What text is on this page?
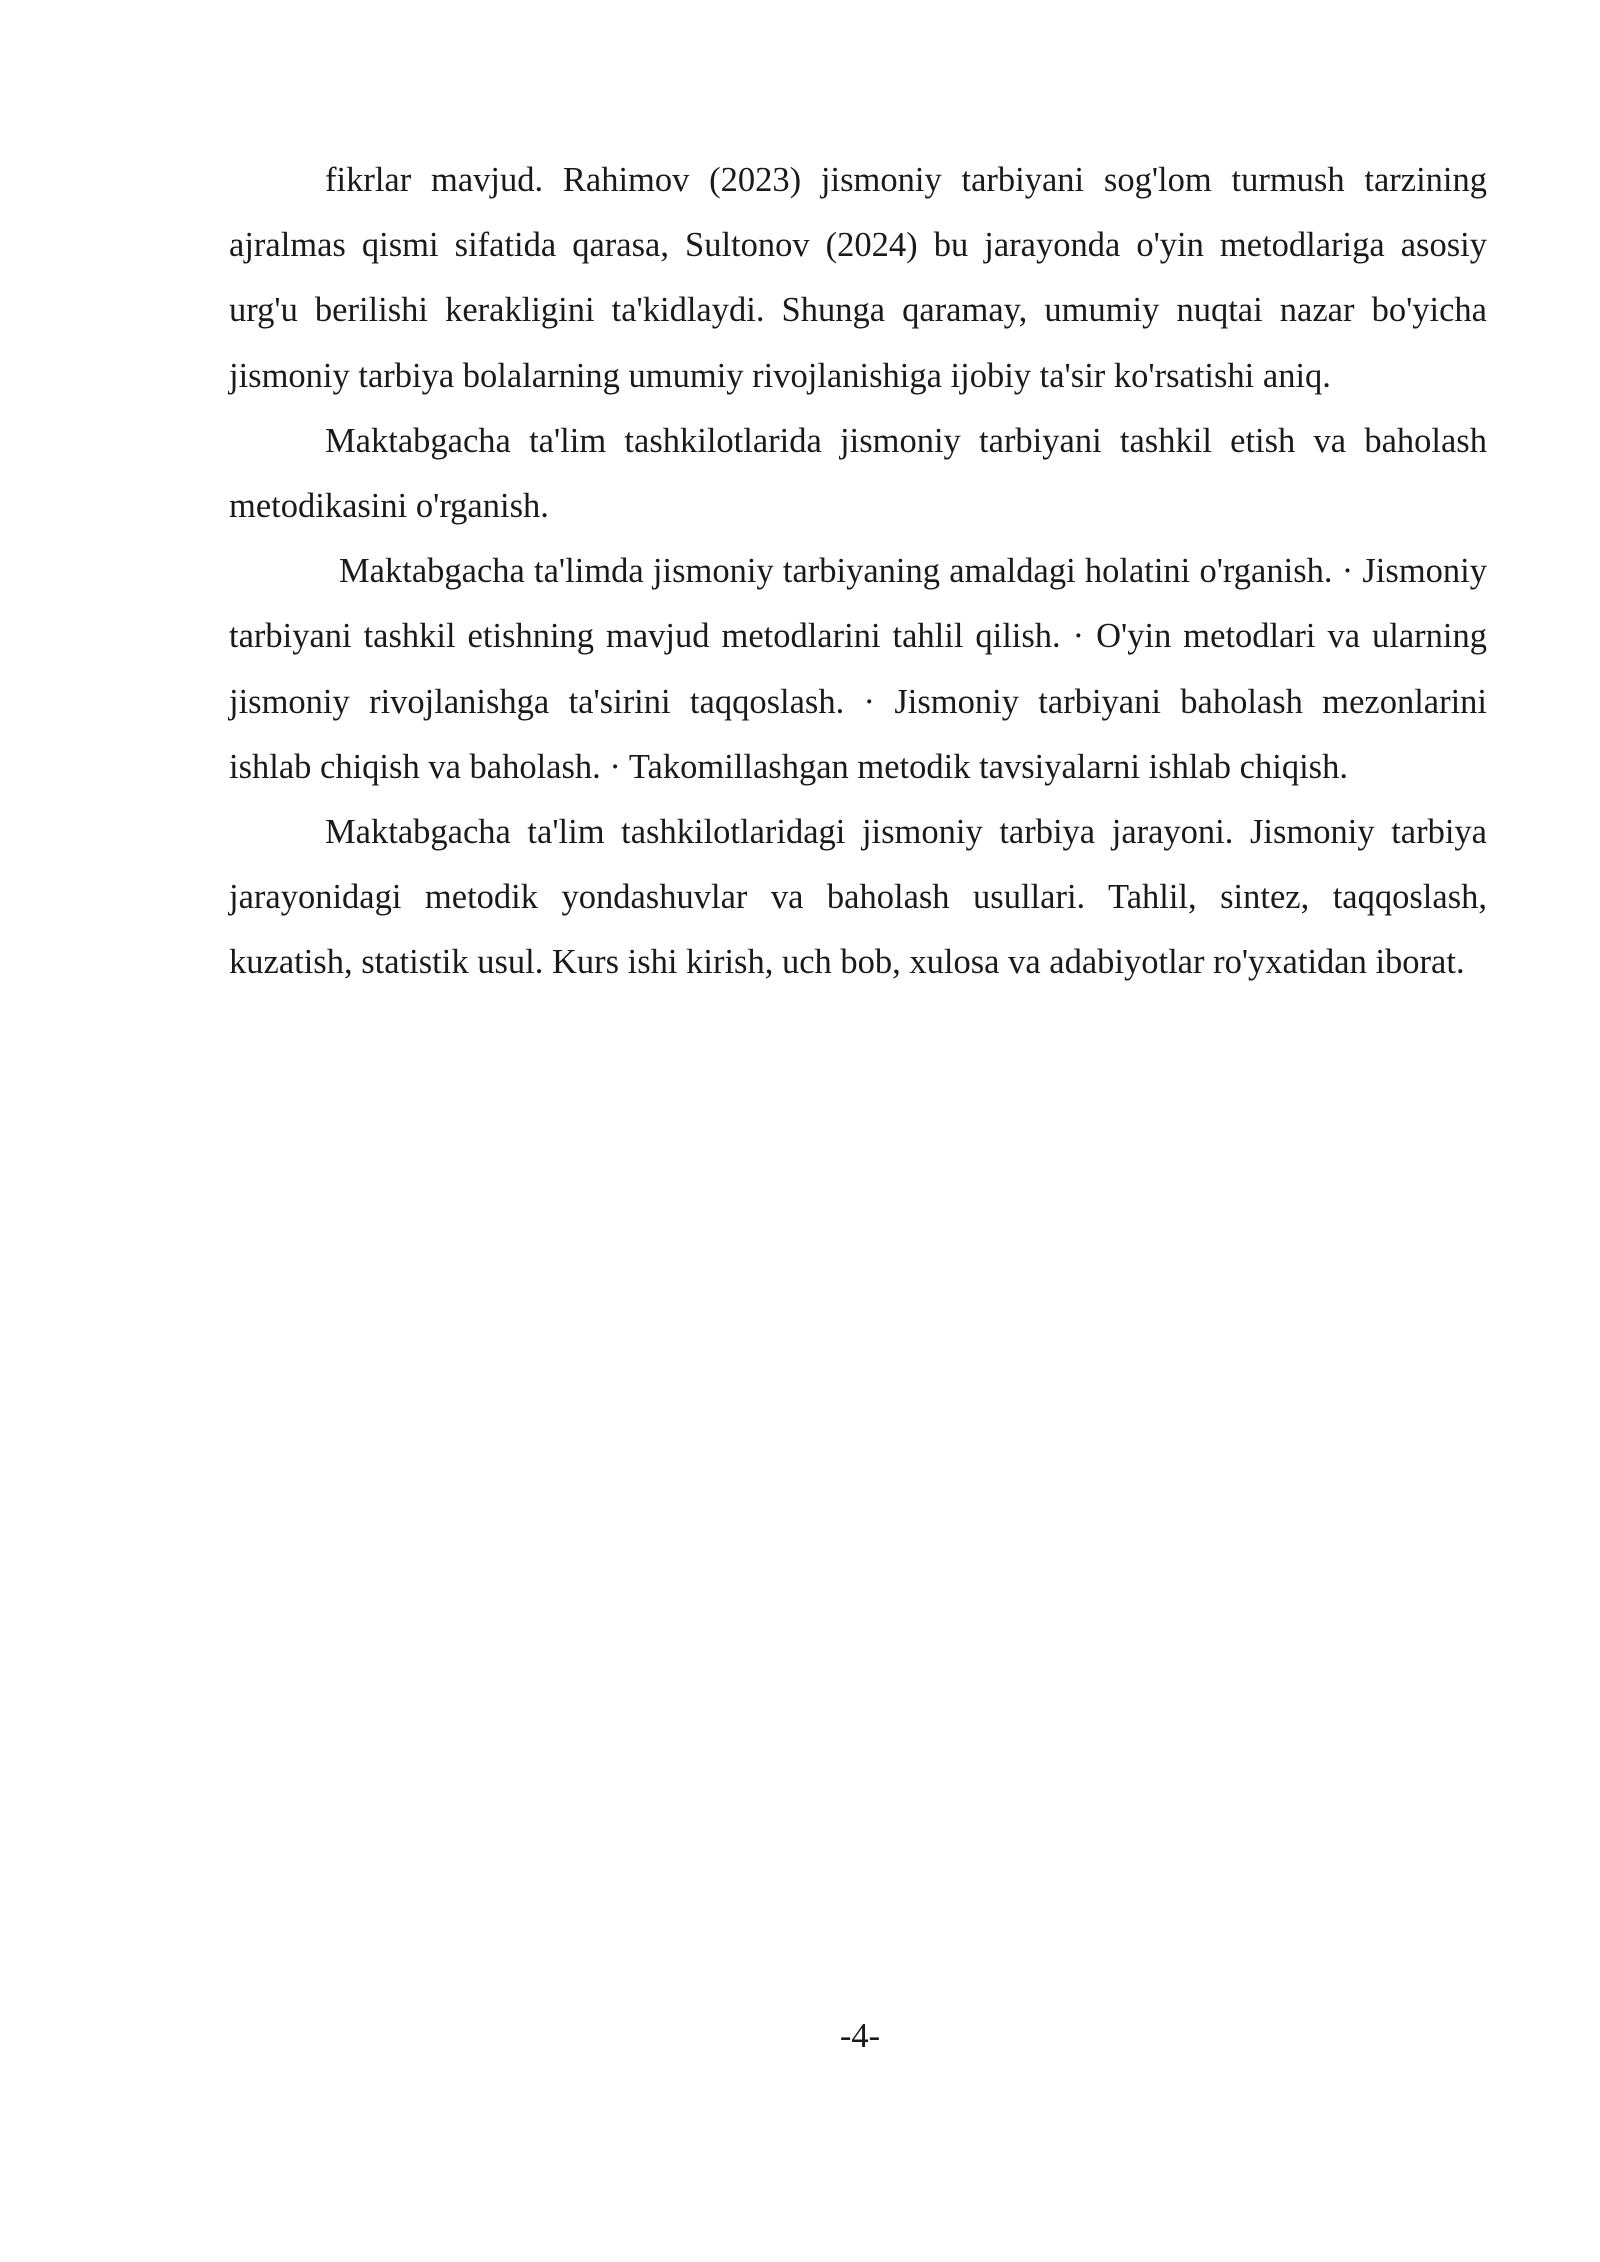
fikrlar mavjud. Rahimov (2023) jismoniy tarbiyani sog'lom turmush tarzining ajralmas qismi sifatida qarasa, Sultonov (2024) bu jarayonda o'yin metodlariga asosiy urg'u berilishi kerakligini ta'kidlaydi. Shunga qaramay, umumiy nuqtai nazar bo'yicha jismoniy tarbiya bolalarning umumiy rivojlanishiga ijobiy ta'sir ko'rsatishi aniq.

Maktabgacha ta'lim tashkilotlarida jismoniy tarbiyani tashkil etish va baholash metodikasini o'rganish.

Maktabgacha ta'limda jismoniy tarbiyaning amaldagi holatini o'rganish. · Jismoniy tarbiyani tashkil etishning mavjud metodlarini tahlil qilish. · O'yin metodlari va ularning jismoniy rivojlanishga ta'sirini taqqoslash. · Jismoniy tarbiyani baholash mezonlarini ishlab chiqish va baholash. · Takomillashgan metodik tavsiyalarni ishlab chiqish.

Maktabgacha ta'lim tashkilotlaridagi jismoniy tarbiya jarayoni. Jismoniy tarbiya jarayonidagi metodik yondashuvlar va baholash usullari. Tahlil, sintez, taqqoslash, kuzatish, statistik usul. Kurs ishi kirish, uch bob, xulosa va adabiyotlar ro'yxatidan iborat.

-4-
